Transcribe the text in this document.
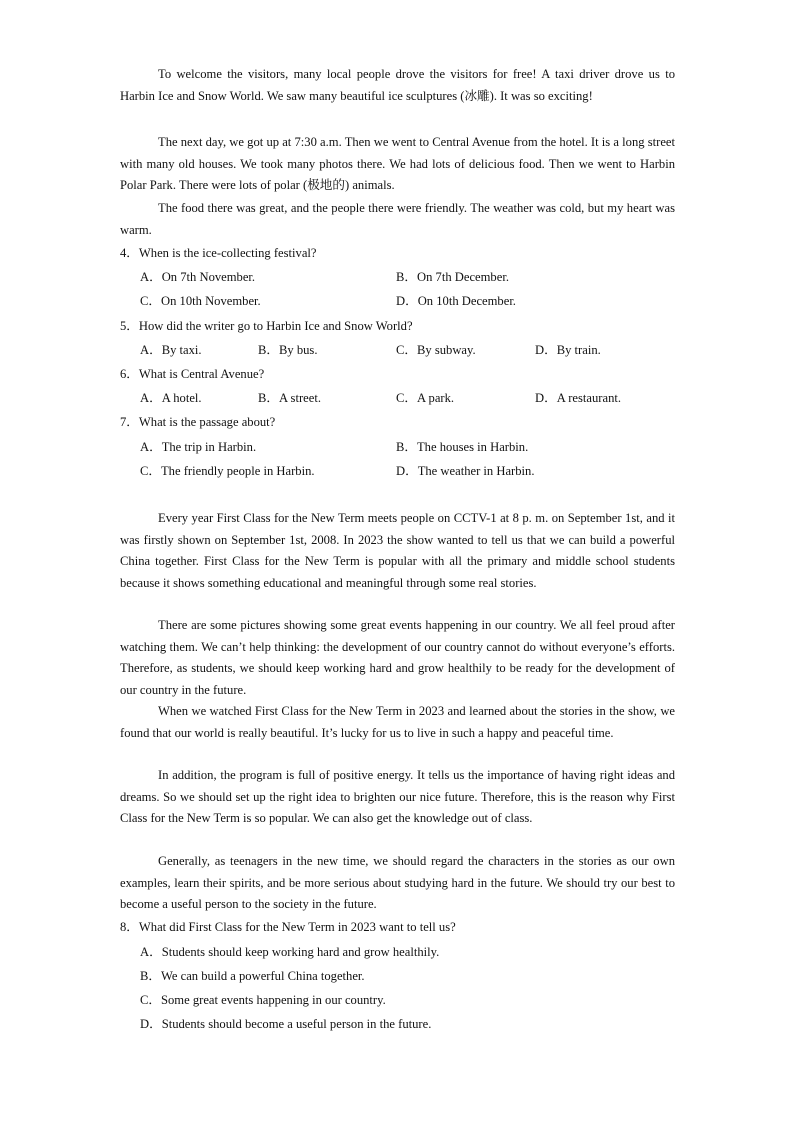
To welcome the visitors, many local people drove the visitors for free! A taxi driver drove us to Harbin Ice and Snow World. We saw many beautiful ice sculptures (冰雕). It was so exciting!

The next day, we got up at 7:30 a.m. Then we went to Central Avenue from the hotel. It is a long street with many old houses. We took many photos there. We had lots of delicious food. Then we went to Harbin Polar Park. There were lots of polar (极地的) animals.

The food there was great, and the people there were friendly. The weather was cold, but my heart was warm.

4．When is the ice-collecting festival?

A．On 7th November.	B．On 7th December.

C．On 10th November.	D．On 10th December.

5．How did the writer go to Harbin Ice and Snow World?

A．By taxi.	B．By bus.	C．By subway.	D．By train.

6．What is Central Avenue?

A．A hotel.	B．A street.	C．A park.	D．A restaurant.

7．What is the passage about?

A．The trip in Harbin.	B．The houses in Harbin.

C．The friendly people in Harbin.	D．The weather in Harbin.

Every year First Class for the New Term meets people on CCTV-1 at 8 p. m. on September 1st, and it was firstly shown on September 1st, 2008. In 2023 the show wanted to tell us that we can build a powerful China together. First Class for the New Term is popular with all the primary and middle school students because it shows something educational and meaningful through some real stories.

There are some pictures showing some great events happening in our country. We all feel proud after watching them. We can’t help thinking: the development of our country cannot do without everyone’s efforts. Therefore, as students, we should keep working hard and grow healthily to be ready for the development of our country in the future.

When we watched First Class for the New Term in 2023 and learned about the stories in the show, we found that our world is really beautiful. It’s lucky for us to live in such a happy and peaceful time.

In addition, the program is full of positive energy. It tells us the importance of having right ideas and dreams. So we should set up the right idea to brighten our nice future. Therefore, this is the reason why First Class for the New Term is so popular. We can also get the knowledge out of class.

Generally, as teenagers in the new time, we should regard the characters in the stories as our own examples, learn their spirits, and be more serious about studying hard in the future. We should try our best to become a useful person to the society in the future.

8．What did First Class for the New Term in 2023 want to tell us?

A．Students should keep working hard and grow healthily.

B．We can build a powerful China together.

C．Some great events happening in our country.

D．Students should become a useful person in the future.
